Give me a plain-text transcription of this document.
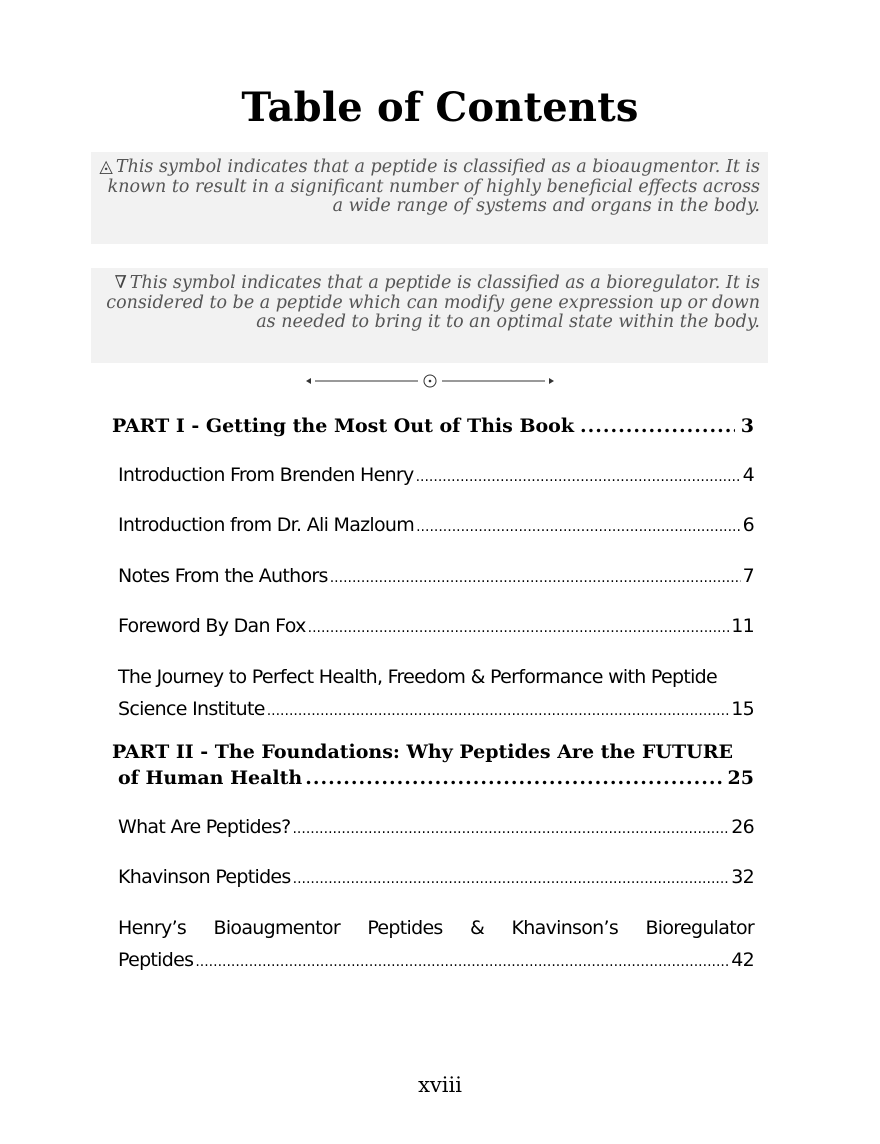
Table of Contents
◬ This symbol indicates that a peptide is classified as a bioaugmentor. It is known to result in a significant number of highly beneficial effects across a wide range of systems and organs in the body.
∇ This symbol indicates that a peptide is classified as a bioregulator. It is considered to be a peptide which can modify gene expression up or down as needed to bring it to an optimal state within the body.
PART I - Getting the Most Out of This Book .....	3
Introduction From Brenden Henry .....	4
Introduction from Dr. Ali Mazloum .....	6
Notes From the Authors .....	7
Foreword By Dan Fox .....	11
The Journey to Perfect Health, Freedom & Performance with Peptide
Science Institute .....	15
PART II - The Foundations: Why Peptides Are the FUTURE
of Human Health .....	25
What Are Peptides? .....	26
Khavinson Peptides .....	32
Henry’s Bioaugmentor Peptides & Khavinson’s Bioregulator
Peptides .....	42
xviii
